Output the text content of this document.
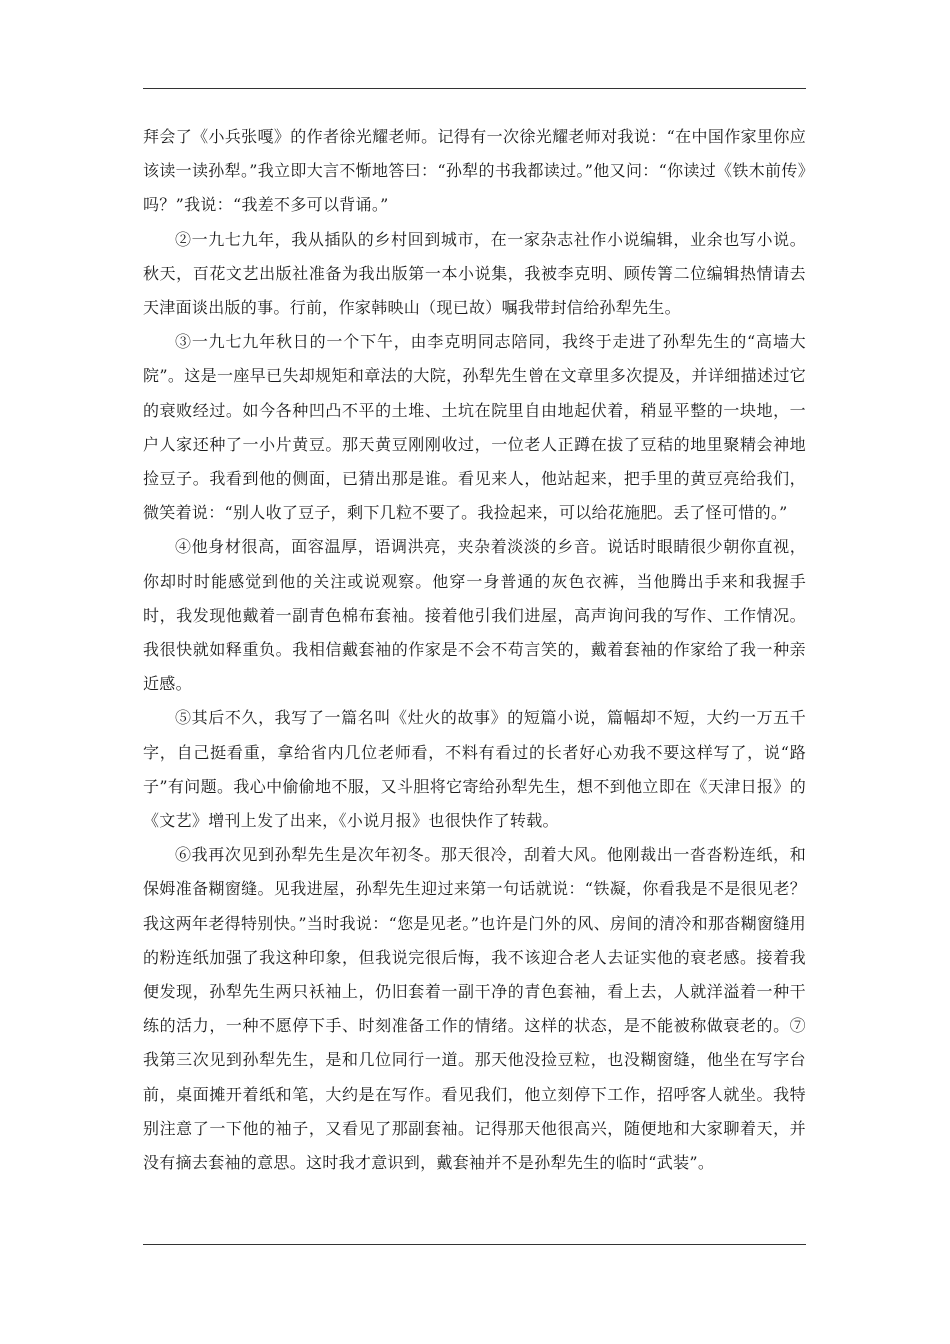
拜会了《小兵张嘎》的作者徐光耀老师。记得有一次徐光耀老师对我说：“在中国作家里你应该读一读孙犁。”我立即大言不惭地答曰：“孙犁的书我都读过。”他又问：“你读过《铁木前传》吗？”我说：“我差不多可以背诵。”

②一九七九年，我从插队的乡村回到城市，在一家杂志社作小说编辑，业余也写小说。秋天，百花文艺出版社准备为我出版第一本小说集，我被李克明、顾传箐二位编辑热情请去天津面谈出版的事。行前，作家韩映山（现已故）嘱我带封信给孙犁先生。

③一九七九年秋日的一个下午，由李克明同志陪同，我终于走进了孙犁先生的“高墙大院”。这是一座早已失却规矩和章法的大院，孙犁先生曾在文章里多次提及，并详细描述过它的衰败经过。如今各种凹凸不平的土堆、土坑在院里自由地起伏着，稍显平整的一块地，一户人家还种了一小片黄豆。那天黄豆刚刚收过，一位老人正蹲在拔了豆秸的地里聚精会神地捡豆子。我看到他的侧面，已猜出那是谁。看见来人，他站起来，把手里的黄豆亮给我们，微笑着说：“别人收了豆子，剩下几粒不要了。我捡起来，可以给花施肥。丢了怪可惜的。”

④他身材很高，面容温厚，语调洪亮，夹杂着淡淡的乡音。说话时眼睛很少朝你直视，你却时时能感觉到他的关注或说观察。他穿一身普通的灰色衣裤，当他腾出手来和我握手时，我发现他戴着一副青色棉布套袖。接着他引我们进屋，高声询问我的写作、工作情况。我很快就如释重负。我相信戴套袖的作家是不会不苟言笑的，戴着套袖的作家给了我一种亲近感。

⑤其后不久，我写了一篇名叫《灶火的故事》的短篇小说，篇幅却不短，大约一万五千字，自己挺看重，拿给省内几位老师看，不料有看过的长者好心劝我不要这样写了，说“路子”有问题。我心中偷偷地不服，又斗胆将它寄给孙犁先生，想不到他立即在《天津日报》的《文艺》增刊上发了出来，《小说月报》也很快作了转载。

⑥我再次见到孙犁先生是次年初冬。那天很冷，刮着大风。他刚裁出一沓沓粉连纸，和保姆准备糊窗缝。见我进屋，孙犁先生迎过来第一句话就说：“铁凝，你看我是不是很见老？我这两年老得特别快。”当时我说：“您是见老。”也许是门外的风、房间的清冷和那沓糊窗缝用的粉连纸加强了我这种印象，但我说完很后悔，我不该迎合老人去证实他的衰老感。接着我便发现，孙犁先生两只袄袖上，仍旧套着一副干净的青色套袖，看上去，人就洋溢着一种干练的活力，一种不愿停下手、时刻准备工作的情绪。这样的状态，是不能被称做衰老的。⑦我第三次见到孙犁先生，是和几位同行一道。那天他没捡豆粒，也没糊窗缝，他坐在写字台前，桌面摊开着纸和笔，大约是在写作。看见我们，他立刻停下工作，招呼客人就坐。我特别注意了一下他的袖子，又看见了那副套袖。记得那天他很高兴，随便地和大家聊着天，并没有摘去套袖的意思。这时我才意识到，戴套袖并不是孙犁先生的临时“武装”。
